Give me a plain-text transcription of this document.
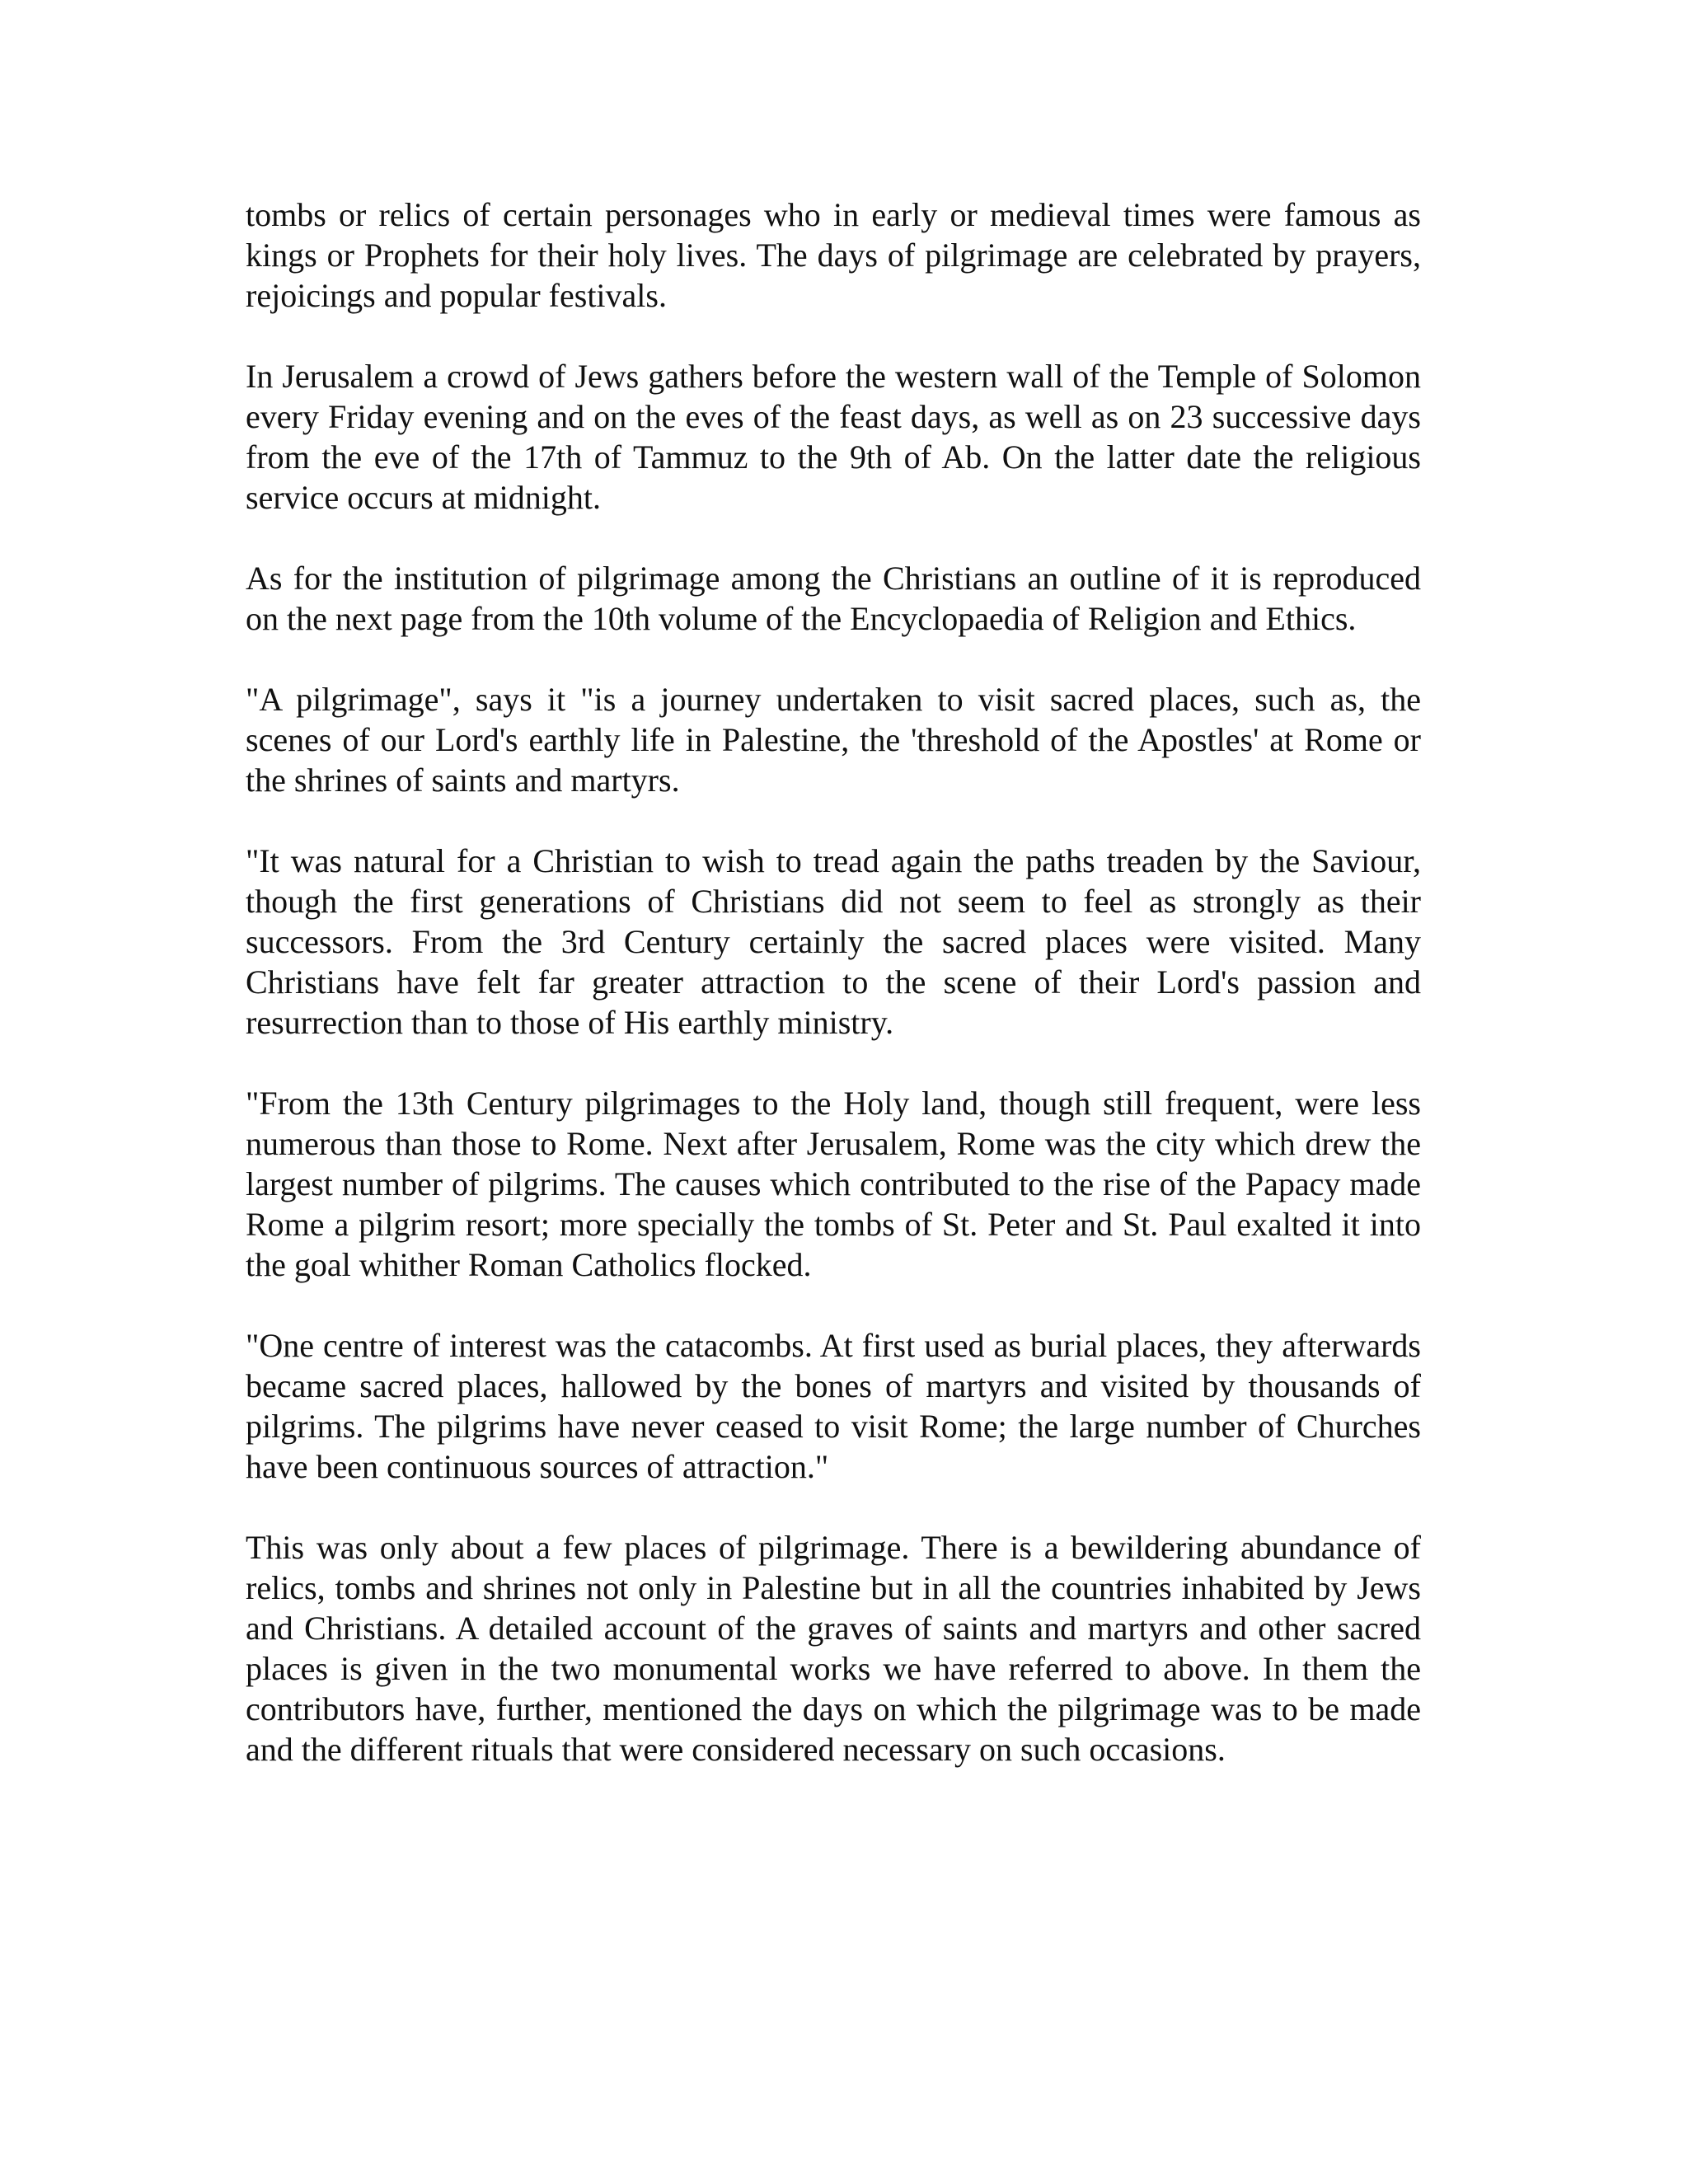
tombs or relics of certain personages who in early or medieval times were famous as kings or Prophets for their holy lives. The days of pilgrimage are celebrated by prayers, rejoicings and popular festivals.

In Jerusalem a crowd of Jews gathers before the western wall of the Temple of Solomon every Friday evening and on the eves of the feast days, as well as on 23 successive days from the eve of the 17th of Tammuz to the 9th of Ab. On the latter date the religious service occurs at midnight.

As for the institution of pilgrimage among the Christians an outline of it is reproduced on the next page from the 10th volume of the Encyclopaedia of Religion and Ethics.

"A pilgrimage", says it "is a journey undertaken to visit sacred places, such as, the scenes of our Lord's earthly life in Palestine, the 'threshold of the Apostles' at Rome or the shrines of saints and martyrs.

"It was natural for a Christian to wish to tread again the paths treaden by the Saviour, though the first generations of Christians did not seem to feel as strongly as their successors. From the 3rd Century certainly the sacred places were visited. Many Christians have felt far greater attraction to the scene of their Lord's passion and resurrection than to those of His earthly ministry.

"From the 13th Century pilgrimages to the Holy land, though still frequent, were less numerous than those to Rome. Next after Jerusalem, Rome was the city which drew the largest number of pilgrims. The causes which contributed to the rise of the Papacy made Rome a pilgrim resort; more specially the tombs of St. Peter and St. Paul exalted it into the goal whither Roman Catholics flocked.

"One centre of interest was the catacombs. At first used as burial places, they afterwards became sacred places, hallowed by the bones of martyrs and visited by thousands of pilgrims. The pilgrims have never ceased to visit Rome; the large number of Churches have been continuous sources of attraction."

This was only about a few places of pilgrimage. There is a bewildering abundance of relics, tombs and shrines not only in Palestine but in all the countries inhabited by Jews and Christians. A detailed account of the graves of saints and martyrs and other sacred places is given in the two monumental works we have referred to above. In them the contributors have, further, mentioned the days on which the pilgrimage was to be made and the different rituals that were considered necessary on such occasions.
